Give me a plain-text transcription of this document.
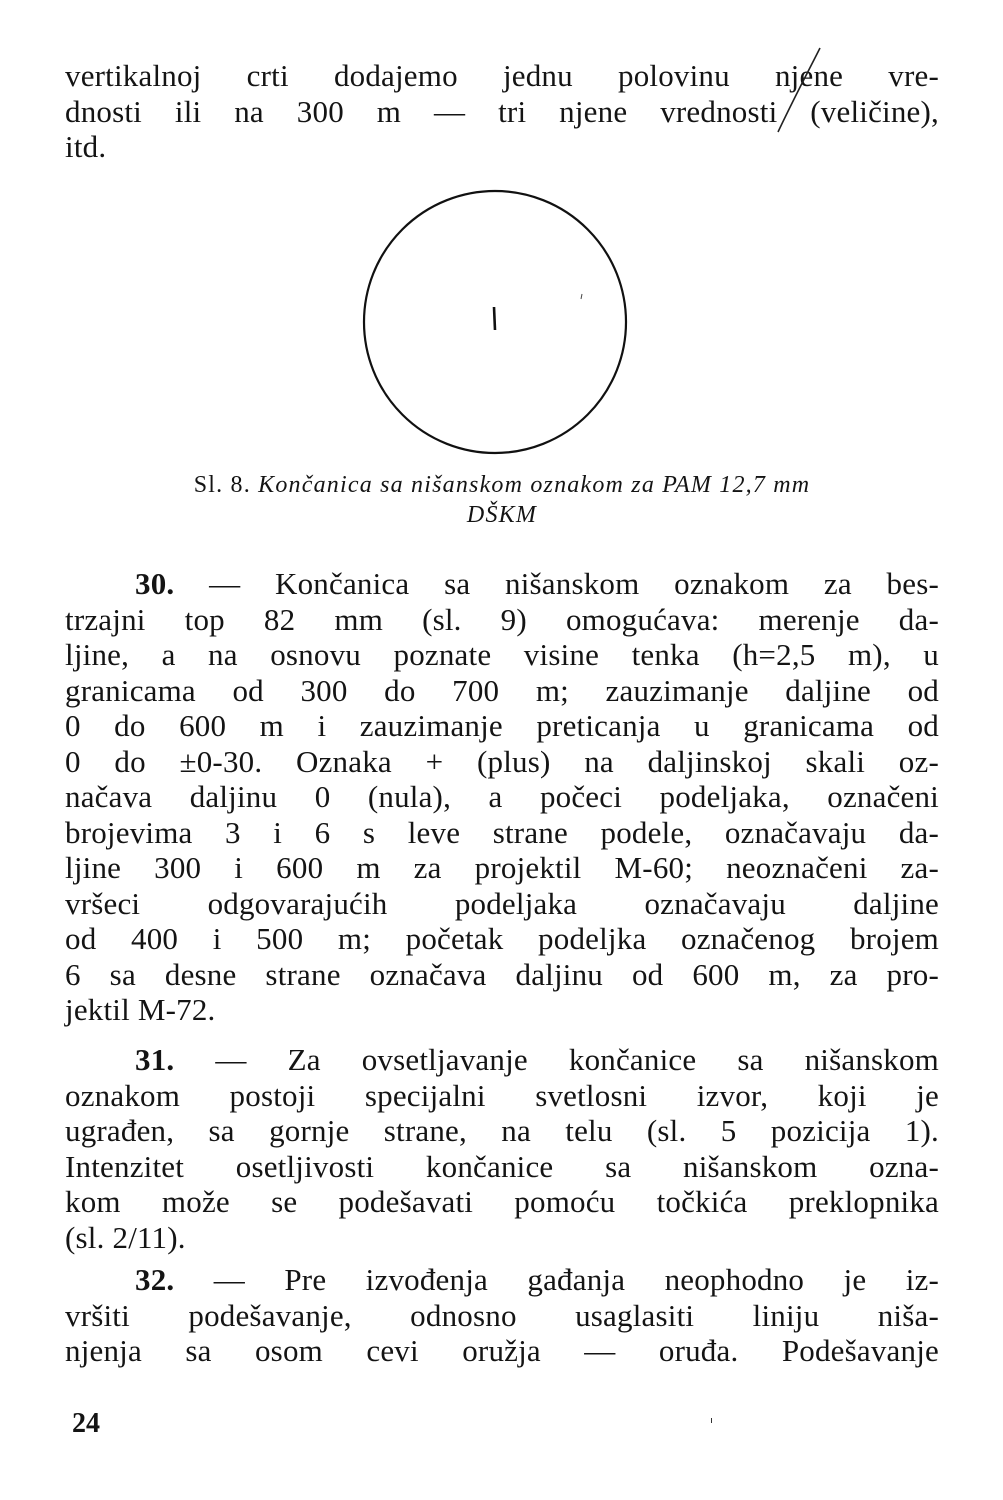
vertikalnoj crti dodajemo jednu polovinu njene vre-
dnosti ili na 300 m — tri njene vrednosti (veličine),
itd.
Sl. 8. Končanica sa nišanskom oznakom za PAM 12,7 mm
DŠKM
30. — Končanica sa nišanskom oznakom za bes-
trzajni top 82 mm (sl. 9) omogućava: merenje da-
ljine, a na osnovu poznate visine tenka (h=2,5 m), u
granicama od 300 do 700 m; zauzimanje daljine od
0 do 600 m i zauzimanje preticanja u granicama od
0 do ±0-30. Oznaka + (plus) na daljinskoj skali oz-
načava daljinu 0 (nula), a počeci podeljaka, označeni
brojevima 3 i 6 s leve strane podele, označavaju da-
ljine 300 i 600 m za projektil M-60; neoznačeni za-
vršeci odgovarajućih podeljaka označavaju daljine
od 400 i 500 m; početak podeljka označenog brojem
6 sa desne strane označava daljinu od 600 m, za pro-
jektil M-72.
31. — Za ovsetljavanje končanice sa nišanskom
oznakom postoji specijalni svetlosni izvor, koji je
ugrađen, sa gornje strane, na telu (sl. 5 pozicija 1).
Intenzitet osetljivosti končanice sa nišanskom ozna-
kom može se podešavati pomoću točkića preklopnika
(sl. 2/11).
32. — Pre izvođenja gađanja neophodno je iz-
vršiti podešavanje, odnosno usaglasiti liniju niša-
njenja sa osom cevi oružja — oruđa. Podešavanje
24
